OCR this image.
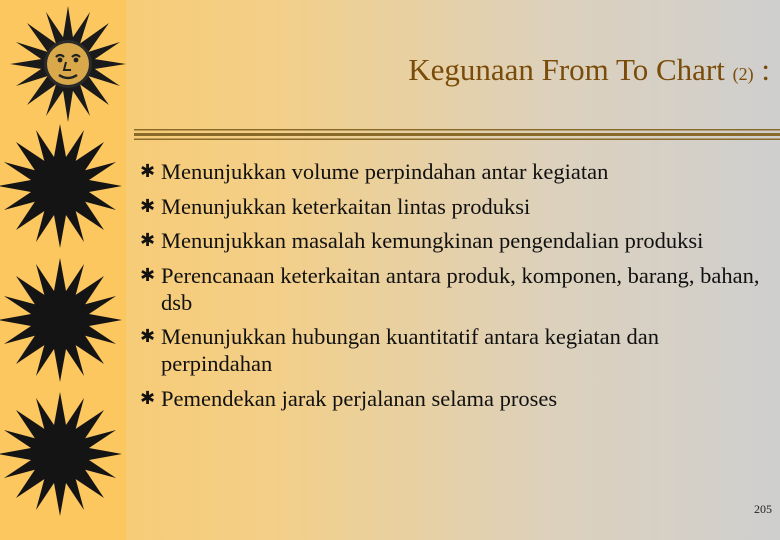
Kegunaan From To Chart (2) :
✱ Menunjukkan volume perpindahan antar kegiatan
✱ Menunjukkan keterkaitan lintas produksi
✱ Menunjukkan masalah kemungkinan pengendalian produksi
✱ Perencanaan keterkaitan antara produk, komponen, barang, bahan, dsb
✱ Menunjukkan hubungan kuantitatif antara kegiatan dan perpindahan
✱ Pemendekan jarak perjalanan selama proses
205
